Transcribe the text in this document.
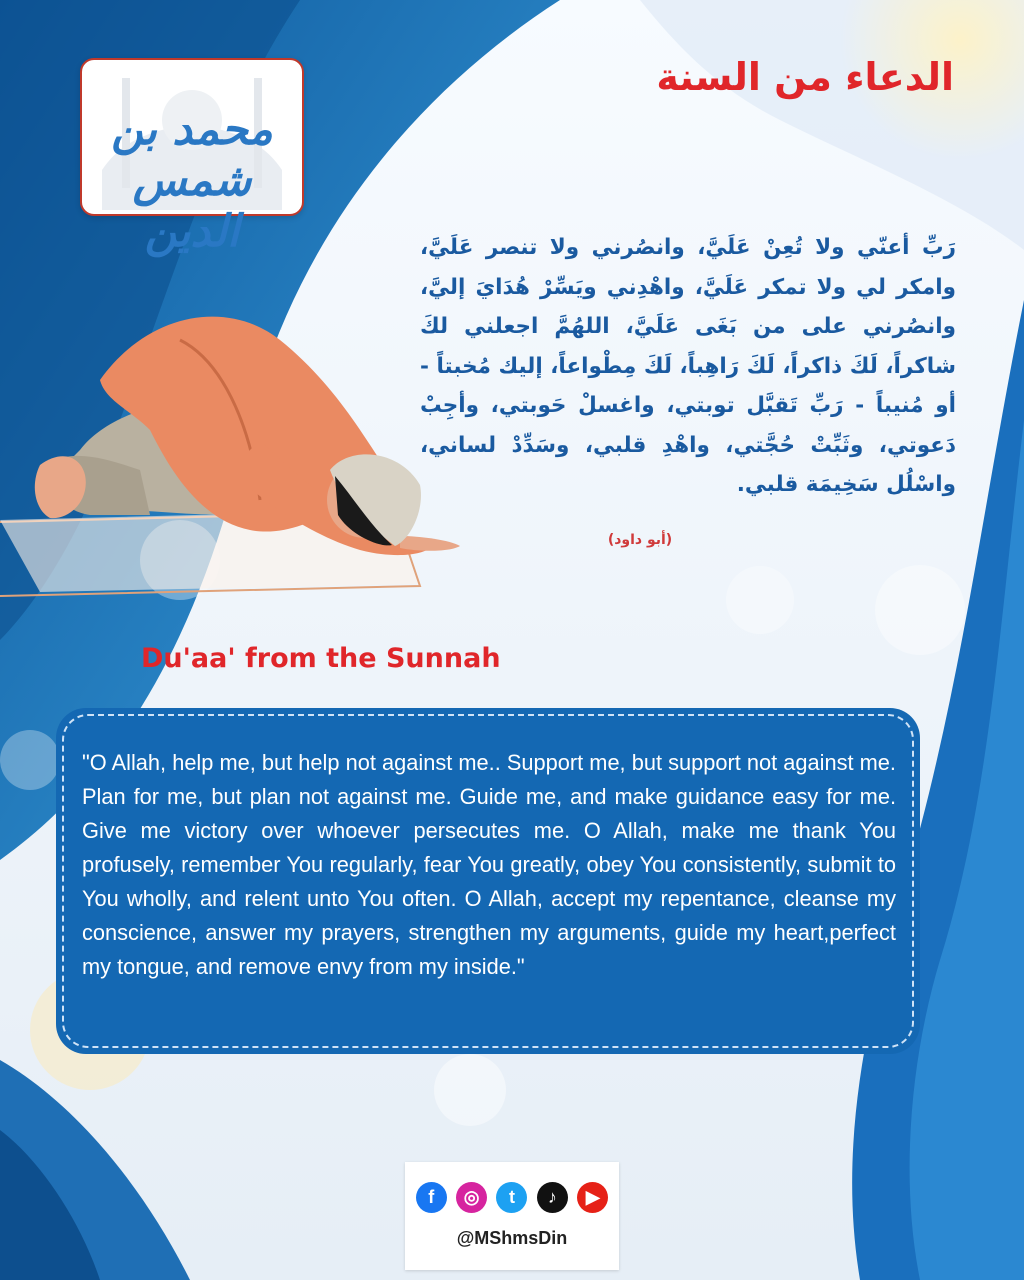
محمد بن شمس الدين
الدعاء من السنة
رَبِّ أعنّي ولا تُعِنْ عَلَيَّ، وانصُرني ولا تنصر عَلَيَّ، وامكر لي ولا تمكر عَلَيَّ، واهْدِني ويَسِّرْ هُدَايَ إليَّ، وانصُرني على من بَغَى عَلَيَّ، اللهُمَّ اجعلني لكَ شاكراً، لَكَ ذاكراً، لَكَ رَاهِباً، لَكَ مِطْواعاً، إليك مُخبتاً - أو مُنيباً - رَبِّ تَقبَّل توبتي، واغسلْ حَوبتي، وأجِبْ دَعوتي، وثَبِّتْ حُجَّتي، واهْدِ قلبي، وسَدِّدْ لساني، واسْلُل سَخِيمَة قلبي.
(أبو داود)
Du'aa' from the Sunnah
"O Allah, help me, but help not against me.. Support me, but support not against me. Plan for me, but plan not against me. Guide me, and make guidance easy for me. Give me victory over whoever persecutes me. O Allah, make me thank You profusely, remember You regularly, fear You greatly, obey You consistently, submit to You wholly, and relent unto You often. O Allah, accept my repentance, cleanse my conscience, answer my prayers, strengthen my arguments, guide my heart,perfect my tongue, and remove envy from my inside."
f	◎	t	♪	▶
@MShmsDin
